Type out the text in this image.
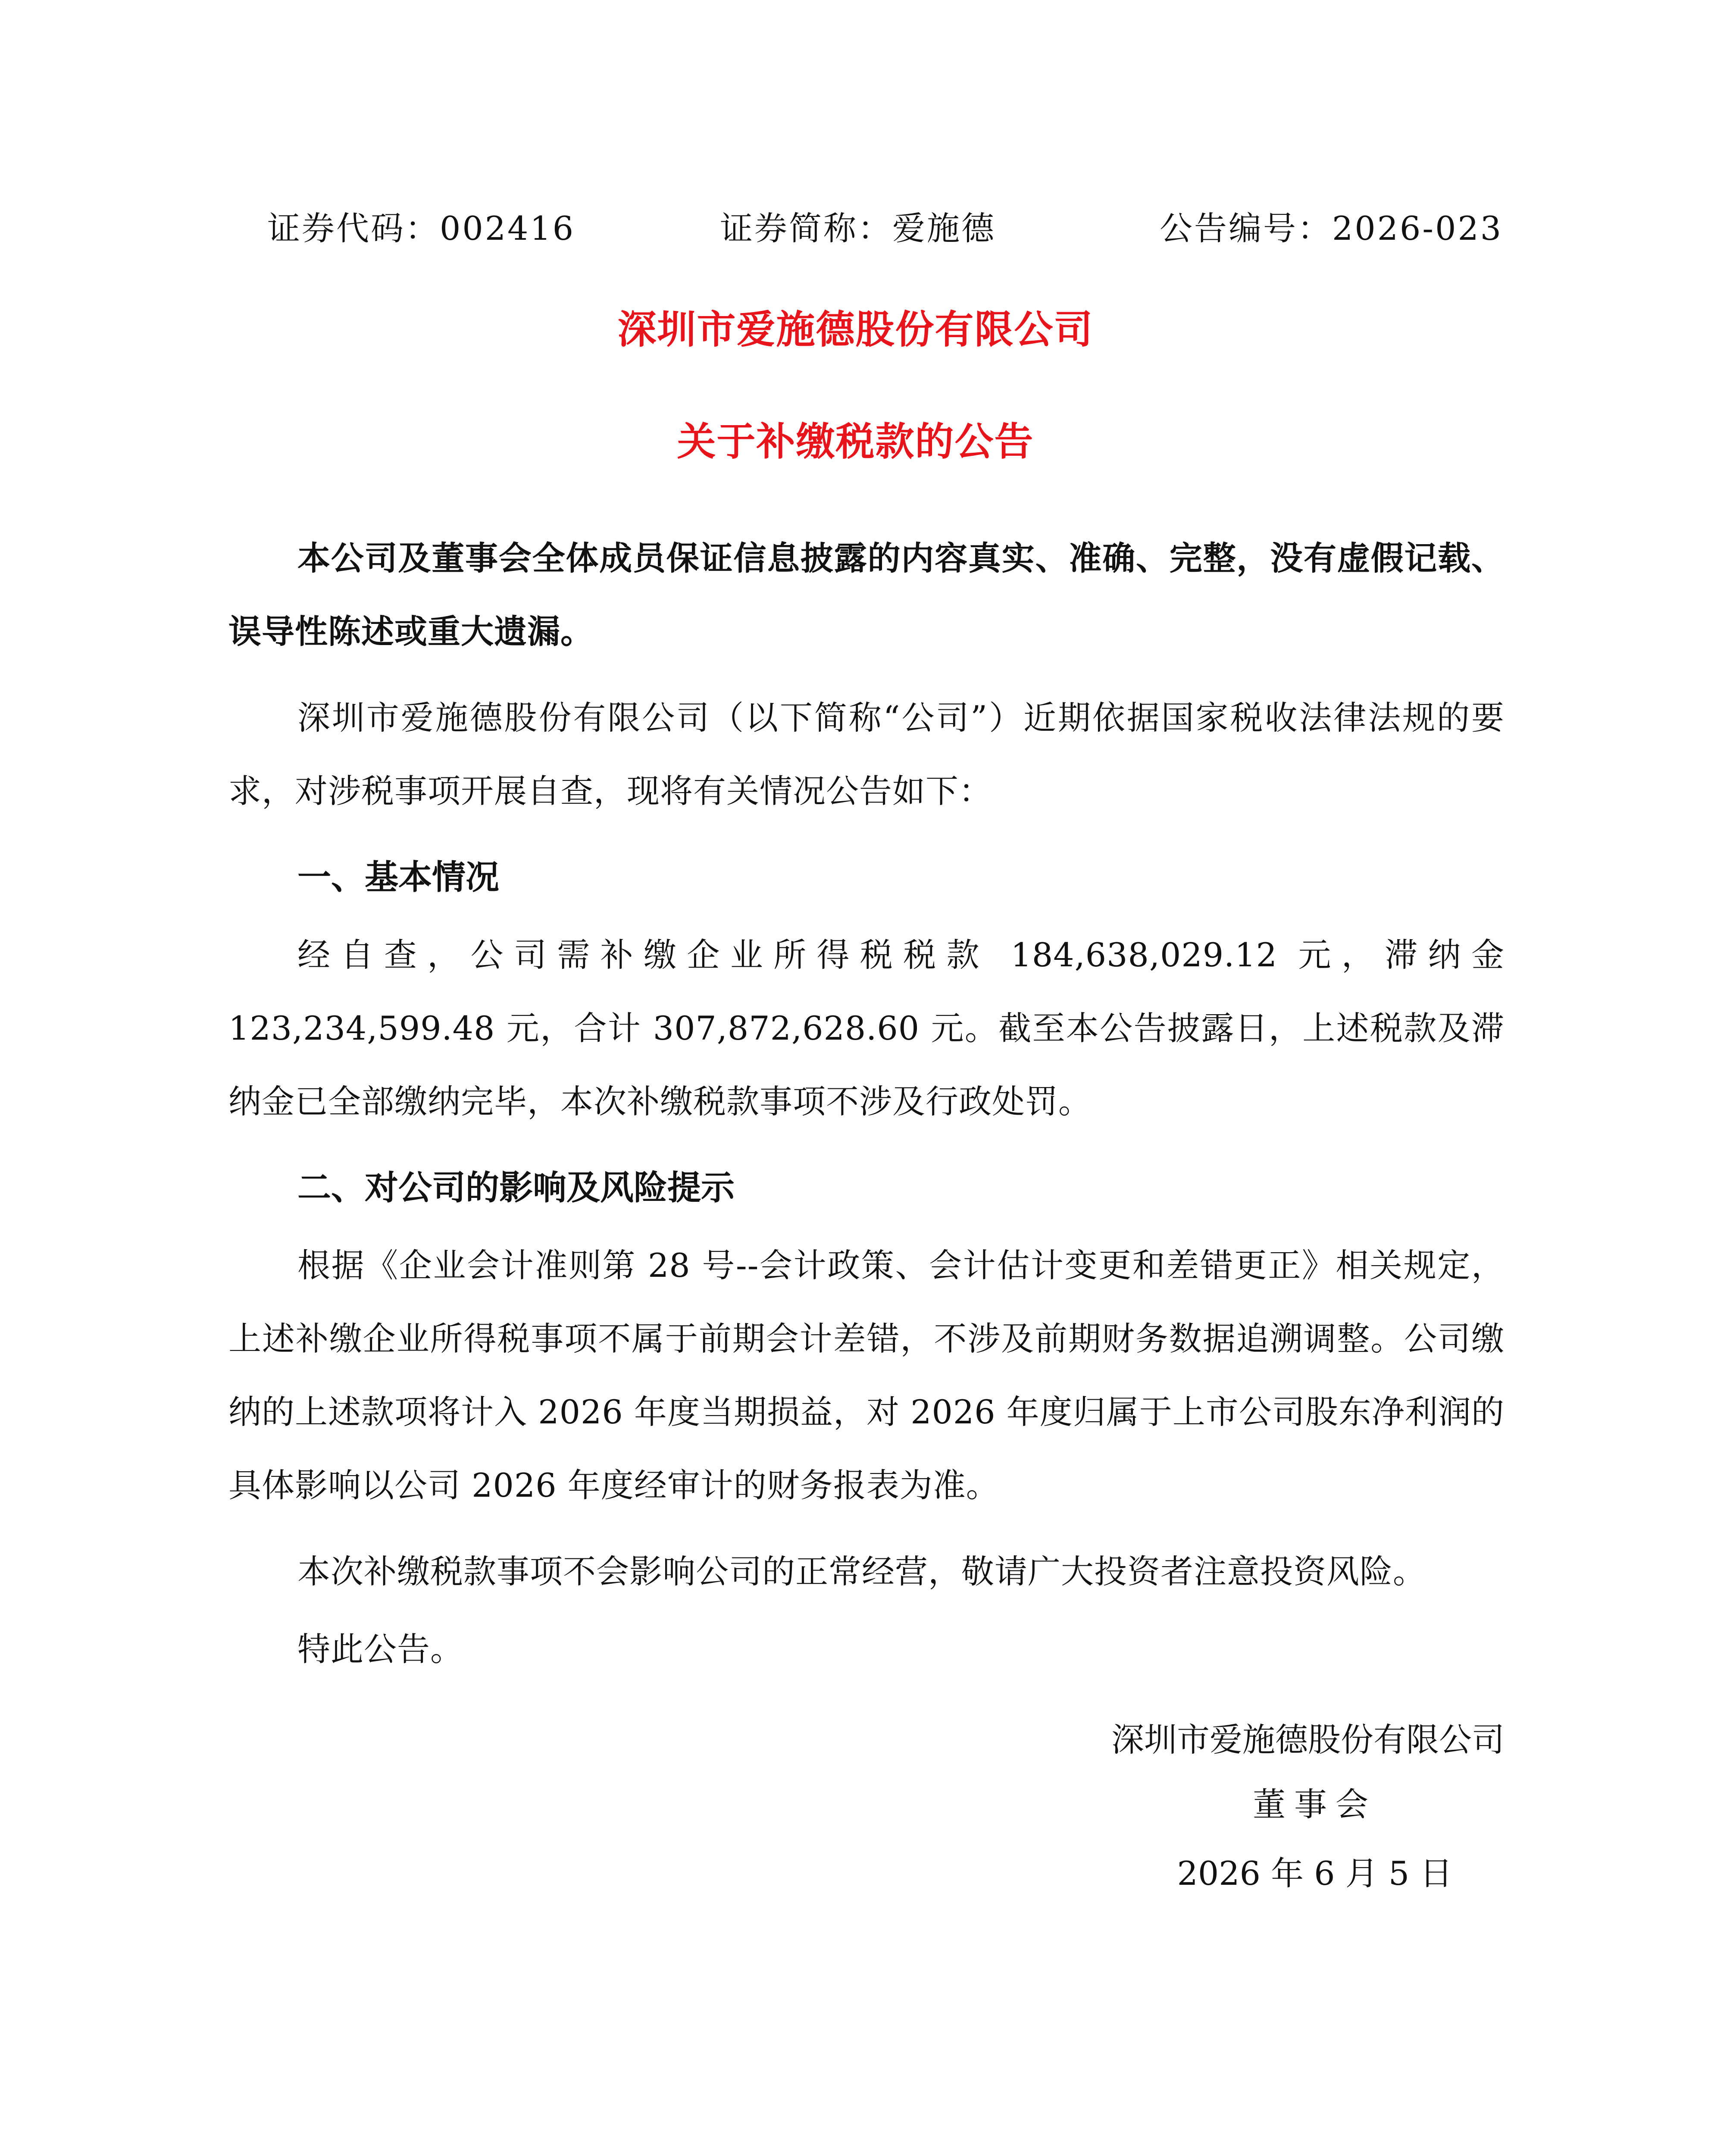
证券代码：002416	证券简称：爱施德	公告编号：2026-023
深圳市爱施德股份有限公司
关于补缴税款的公告

本公司及董事会全体成员保证信息披露的内容真实、准确、完整，没有虚假记载、误导性陈述或重大遗漏。

深圳市爱施德股份有限公司（以下简称“公司”）近期依据国家税收法律法规的要求，对涉税事项开展自查，现将有关情况公告如下：

一、基本情况

经自查，公司需补缴企业所得税税款 184,638,029.12 元，滞纳金 123,234,599.48 元，合计 307,872,628.60 元。截至本公告披露日，上述税款及滞纳金已全部缴纳完毕，本次补缴税款事项不涉及行政处罚。

二、对公司的影响及风险提示

根据《企业会计准则第 28 号--会计政策、会计估计变更和差错更正》相关规定，上述补缴企业所得税事项不属于前期会计差错，不涉及前期财务数据追溯调整。公司缴纳的上述款项将计入 2026 年度当期损益，对 2026 年度归属于上市公司股东净利润的具体影响以公司 2026 年度经审计的财务报表为准。

本次补缴税款事项不会影响公司的正常经营，敬请广大投资者注意投资风险。

特此公告。

深圳市爱施德股份有限公司
董事会
2026 年 6 月 5 日
